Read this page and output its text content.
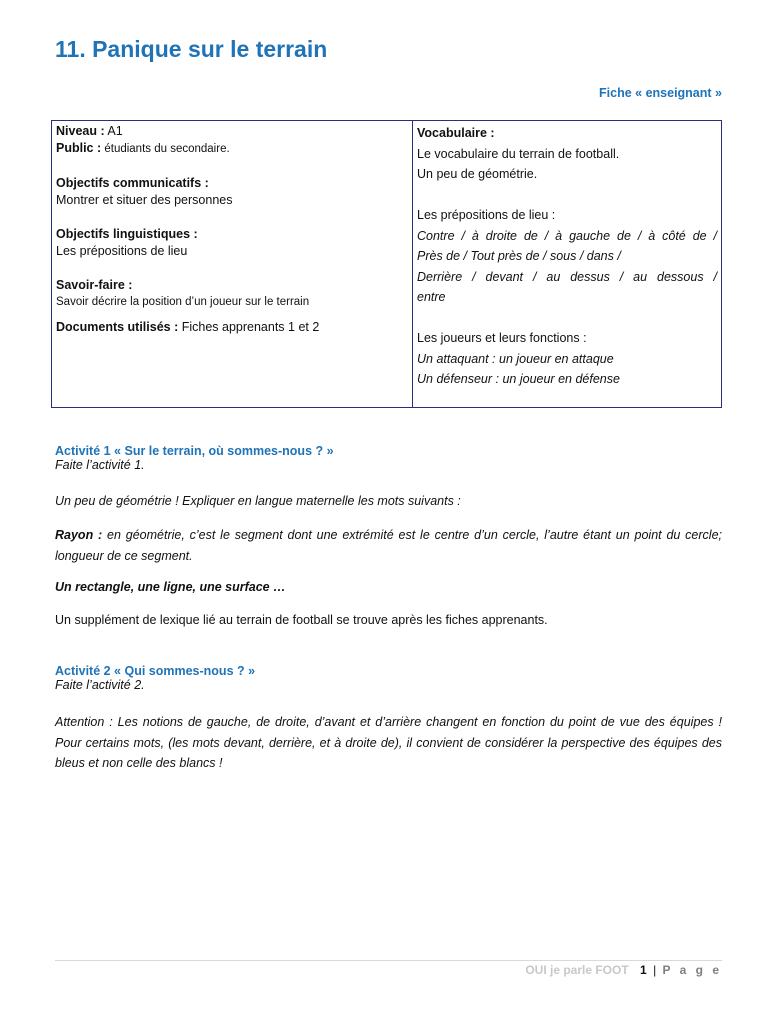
11. Panique sur le terrain
Fiche « enseignant »
Niveau : A1
Public : étudiants du secondaire.
Objectifs communicatifs :
Montrer et situer des personnes
Objectifs linguistiques :
Les prépositions de lieu
Savoir-faire :
Savoir décrire la position d’un joueur sur le terrain
Documents utilisés : Fiches apprenants 1 et 2

Vocabulaire :

Le vocabulaire du terrain de football.

Un peu de géométrie.

Les prépositions de lieu :

Contre / à droite de / à gauche de / à côté de /

Près de / Tout près de / sous / dans /

Derrière / devant / au dessus / au dessous /

entre

Les joueurs et leurs fonctions :

Un attaquant : un joueur en attaque

Un défenseur : un joueur en défense

Activité 1 « Sur le terrain, où sommes-nous ? »

Faite l’activité 1.

Un peu de géométrie ! Expliquer en langue maternelle les mots suivants :

Rayon : en géométrie, c’est le segment dont une extrémité est le centre d’un cercle, l’autre étant un point du cercle; longueur de ce segment.

Un rectangle, une ligne, une surface …

Un supplément de lexique lié au terrain de football se trouve après les fiches apprenants.

Activité 2 « Qui sommes-nous ? »

Faite l’activité 2.

Attention : Les notions de gauche, de droite, d’avant et d’arrière changent en fonction du point de vue des équipes ! Pour certains mots, (les mots devant, derrière, et à droite de), il convient de considérer la perspective des équipes des bleus et non celle des blancs !

OUI je parle FOOT 1 | P a g e
